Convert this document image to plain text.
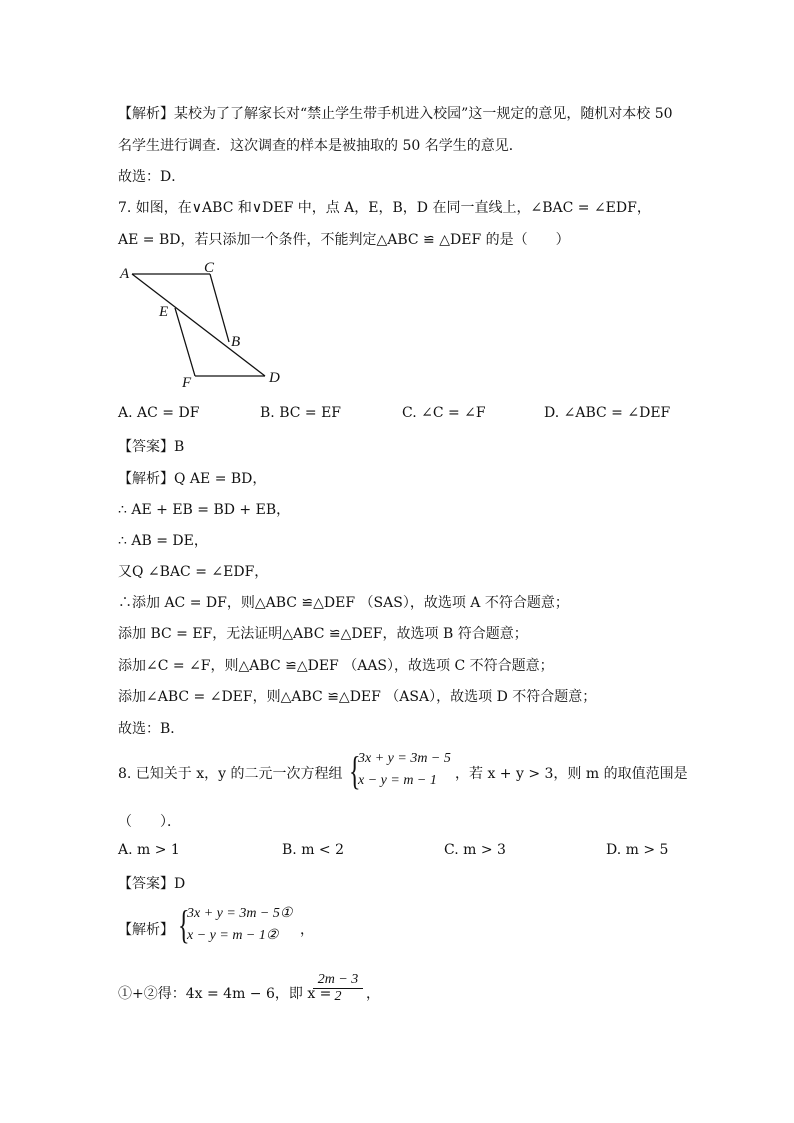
【解析】某校为了了解家长对“禁止学生带手机进入校园”这一规定的意见，随机对本校 50
名学生进行调查．这次调查的样本是被抽取的 50 名学生的意见．
故选：D．
7. 如图，在∨ABC 和∨DEF 中，点 A，E，B，D 在同一直线上，∠BAC = ∠EDF，
AE = BD，若只添加一个条件，不能判定△ABC ≌ △DEF 的是（　　）
A	C
E
B
F	D
A. AC = DF	B. BC = EF	C. ∠C = ∠F	D. ∠ABC = ∠DEF
【答案】B
【解析】Q AE = BD，
∴ AE + EB = BD + EB，
∴ AB = DE，
又Q ∠BAC = ∠EDF，
∴添加 AC = DF，则△ABC ≌△DEF （SAS），故选项 A 不符合题意；
添加 BC = EF，无法证明△ABC ≌△DEF，故选项 B 符合题意；
添加∠C = ∠F，则△ABC ≌△DEF （AAS），故选项 C 不符合题意；
添加∠ABC = ∠DEF，则△ABC ≌△DEF （ASA），故选项 D 不符合题意；
故选：B．
8. 已知关于 x，y 的二元一次方程组 {
3x + y = 3m − 5
x − y = m − 1 ，若 x + y > 3，则 m 的取值范围是
（　　）．
A. m > 1	B. m < 2	C. m > 3	D. m > 5
【答案】D
【解析】 {
3x + y = 3m − 5①
x − y = m − 1② ，
①+②得：4x = 4m − 6，即 x =
$\frac{2m - 3}{2}$ ，
